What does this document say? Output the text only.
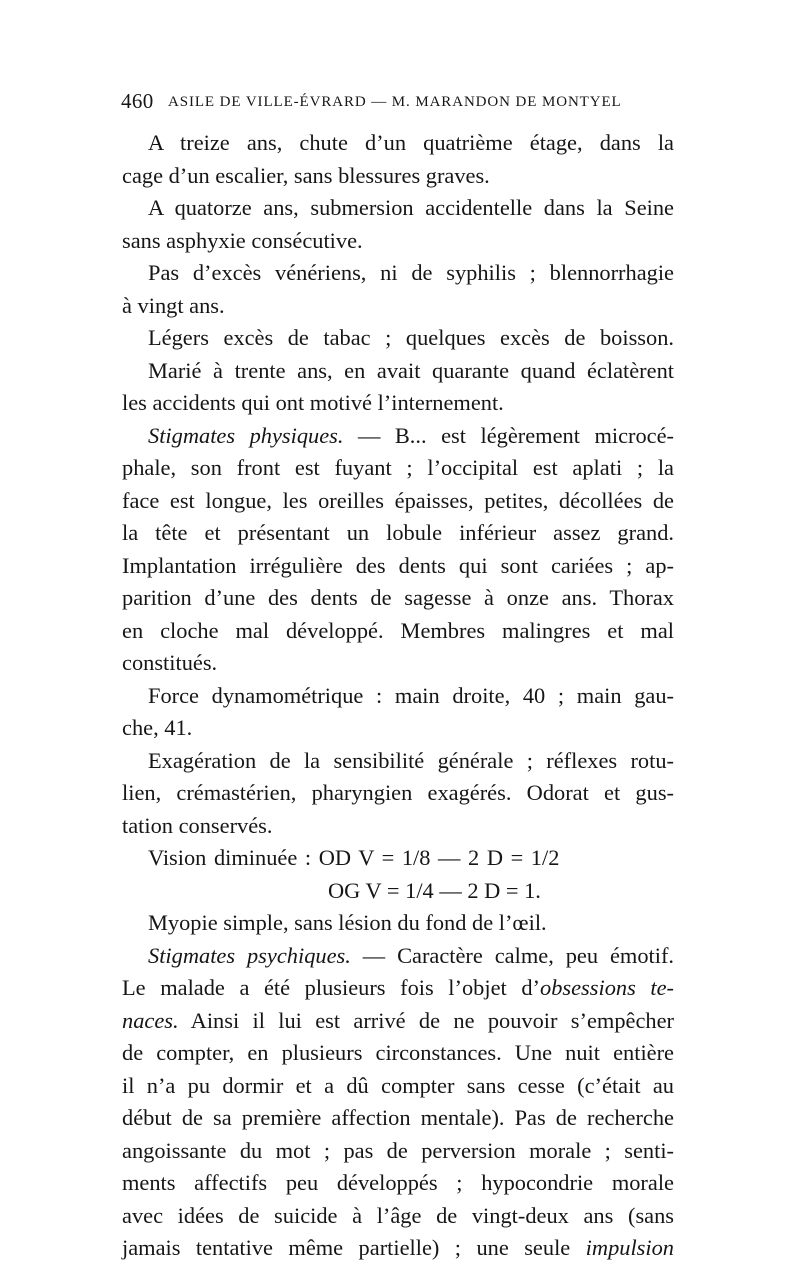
460 ASILE DE VILLE-ÉVRARD — M. MARANDON DE MONTYEL
A treize ans, chute d’un quatrième étage, dans la
cage d’un escalier, sans blessures graves.
A quatorze ans, submersion accidentelle dans la Seine
sans asphyxie consécutive.
Pas d’excès vénériens, ni de syphilis ; blennorrhagie
à vingt ans.
Légers excès de tabac ; quelques excès de boisson.
Marié à trente ans, en avait quarante quand éclatèrent
les accidents qui ont motivé l’internement.
Stigmates physiques. — B... est légèrement microcé-
phale, son front est fuyant ; l’occipital est aplati ; la
face est longue, les oreilles épaisses, petites, décollées de
la tête et présentant un lobule inférieur assez grand.
Implantation irrégulière des dents qui sont cariées ; ap-
parition d’une des dents de sagesse à onze ans. Thorax
en cloche mal développé. Membres malingres et mal
constitués.
Force dynamométrique : main droite, 40 ; main gau-
che, 41.
Exagération de la sensibilité générale ; réflexes rotu-
lien, crémastérien, pharyngien exagérés. Odorat et gus-
tation conservés.
Vision diminuée : OD V = 1/8 — 2 D = 1/2
OG V = 1/4 — 2 D = 1.
Myopie simple, sans lésion du fond de l’œil.
Stigmates psychiques. — Caractère calme, peu émotif.
Le malade a été plusieurs fois l’objet d’obsessions te-
naces. Ainsi il lui est arrivé de ne pouvoir s’empêcher
de compter, en plusieurs circonstances. Une nuit entière
il n’a pu dormir et a dû compter sans cesse (c’était au
début de sa première affection mentale). Pas de recherche
angoissante du mot ; pas de perversion morale ; senti-
ments affectifs peu développés ; hypocondrie morale
avec idées de suicide à l’âge de vingt-deux ans (sans
jamais tentative même partielle) ; une seule impulsion
